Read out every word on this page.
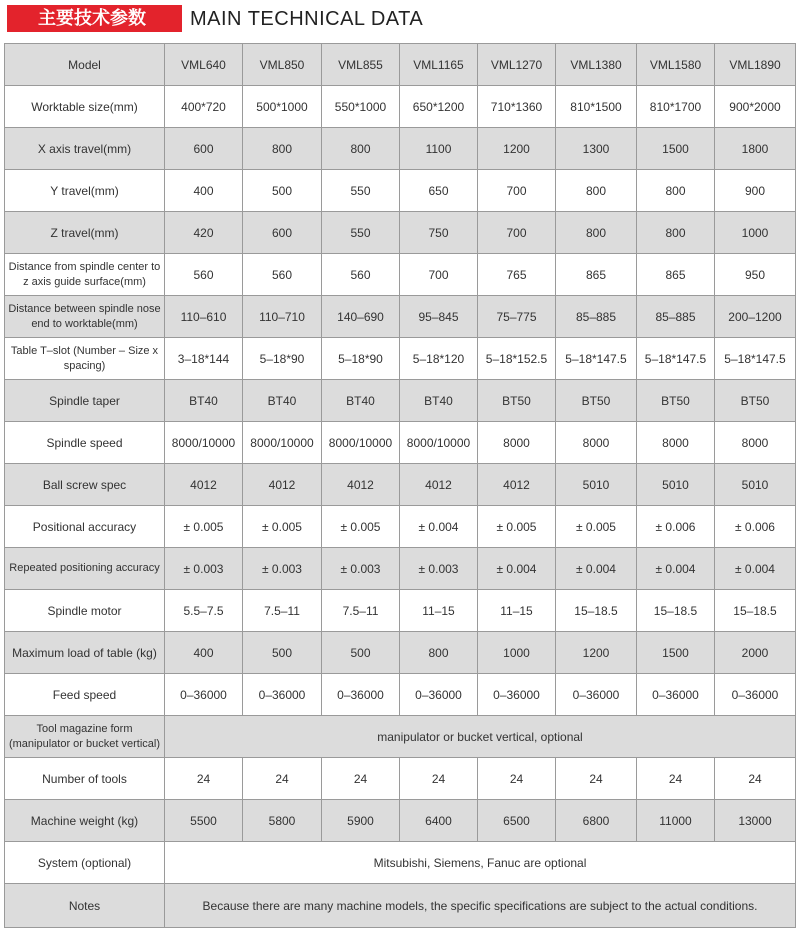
主要技术参数	MAIN TECHNICAL DATA
Model	VML640	VML850	VML855	VML1165	VML1270	VML1380	VML1580	VML1890
Worktable size(mm)	400*720	500*1000	550*1000	650*1200	710*1360	810*1500	810*1700	900*2000
X axis travel(mm)	600	800	800	1100	1200	1300	1500	1800
Y travel(mm)	400	500	550	650	700	800	800	900
Z travel(mm)	420	600	550	750	700	800	800	1000
Distance from spindle center to z axis guide surface(mm)	560	560	560	700	765	865	865	950
Distance between spindle nose end to worktable(mm)	110–610	110–710	140–690	95–845	75–775	85–885	85–885	200–1200
Table T–slot (Number – Size x spacing)	3–18*144	5–18*90	5–18*90	5–18*120	5–18*152.5	5–18*147.5	5–18*147.5	5–18*147.5
Spindle taper	BT40	BT40	BT40	BT40	BT50	BT50	BT50	BT50
Spindle speed	8000/10000	8000/10000	8000/10000	8000/10000	8000	8000	8000	8000
Ball screw spec	4012	4012	4012	4012	4012	5010	5010	5010
Positional accuracy	± 0.005	± 0.005	± 0.005	± 0.004	± 0.005	± 0.005	± 0.006	± 0.006
Repeated positioning accuracy	± 0.003	± 0.003	± 0.003	± 0.003	± 0.004	± 0.004	± 0.004	± 0.004
Spindle motor	5.5–7.5	7.5–11	7.5–11	11–15	11–15	15–18.5	15–18.5	15–18.5
Maximum load of table (kg)	400	500	500	800	1000	1200	1500	2000
Feed speed	0–36000	0–36000	0–36000	0–36000	0–36000	0–36000	0–36000	0–36000
Tool magazine form (manipulator or bucket vertical)	manipulator or bucket vertical, optional							
Number of tools	24	24	24	24	24	24	24	24
Machine weight (kg)	5500	5800	5900	6400	6500	6800	11000	13000
System (optional)	Mitsubishi, Siemens, Fanuc are optional							
Notes	Because there are many machine models, the specific specifications are subject to the actual conditions.							
